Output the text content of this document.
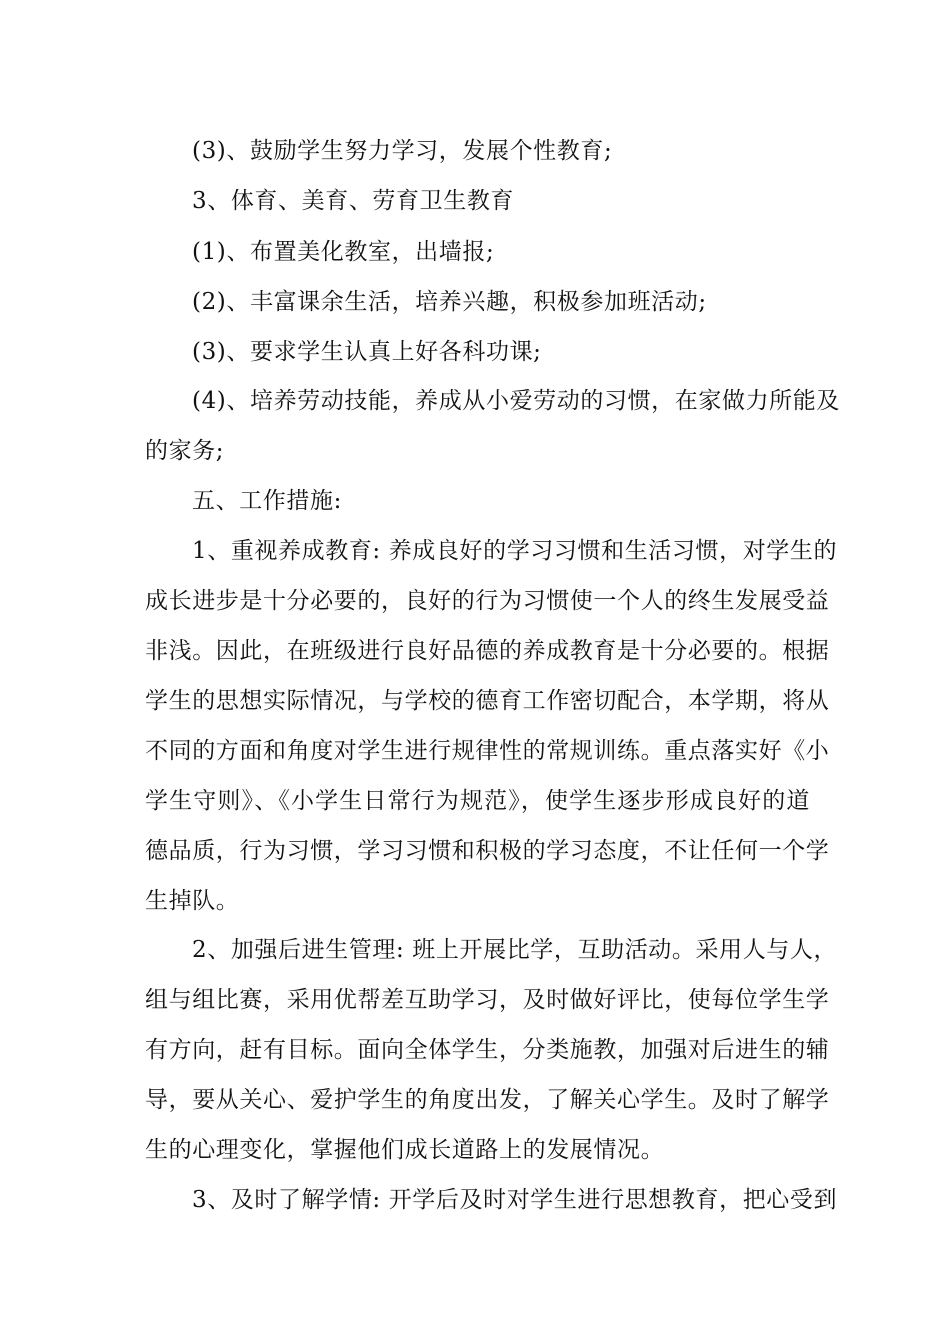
(3)、鼓励学生努力学习，发展个性教育;
3、体育、美育、劳育卫生教育
(1)、布置美化教室，出墙报;
(2)、丰富课余生活，培养兴趣，积极参加班活动;
(3)、要求学生认真上好各科功课;
(4)、培养劳动技能，养成从小爱劳动的习惯，在家做力所能及
的家务;
五、工作措施:
1、重视养成教育: 养成良好的学习习惯和生活习惯，对学生的
成长进步是十分必要的，良好的行为习惯使一个人的终生发展受益
非浅。因此，在班级进行良好品德的养成教育是十分必要的。根据
学生的思想实际情况，与学校的德育工作密切配合，本学期，将从
不同的方面和角度对学生进行规律性的常规训练。重点落实好《小
学生守则》、《小学生日常行为规范》，使学生逐步形成良好的道
德品质，行为习惯，学习习惯和积极的学习态度，不让任何一个学
生掉队。
2、加强后进生管理: 班上开展比学，互助活动。采用人与人，
组与组比赛，采用优帮差互助学习，及时做好评比，使每位学生学
有方向，赶有目标。面向全体学生，分类施教，加强对后进生的辅
导，要从关心、爱护学生的角度出发，了解关心学生。及时了解学
生的心理变化，掌握他们成长道路上的发展情况。
3、及时了解学情: 开学后及时对学生进行思想教育，把心受到
